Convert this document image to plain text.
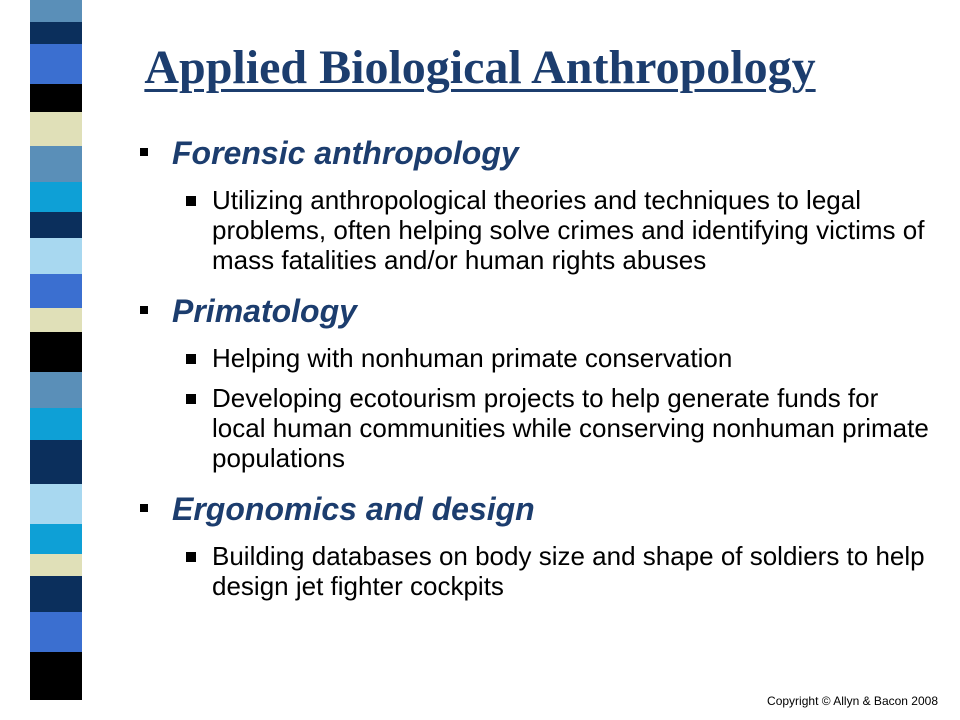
Applied Biological Anthropology
Forensic anthropology
Utilizing anthropological theories and techniques to legal problems, often helping solve crimes and identifying victims of mass fatalities and/or human rights abuses
Primatology
Helping with nonhuman primate conservation
Developing ecotourism projects to help generate funds for local human communities while conserving nonhuman primate populations
Ergonomics and design
Building databases on body size and shape of soldiers to help design jet fighter cockpits
Copyright © Allyn & Bacon 2008
